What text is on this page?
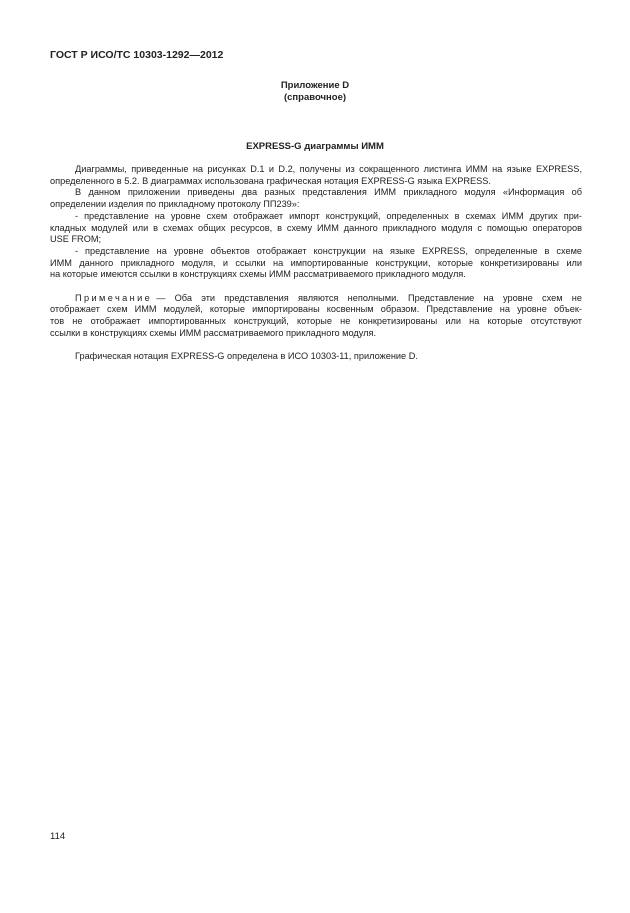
ГОСТ Р ИСО/ТС 10303-1292—2012
Приложение D
(справочное)
EXPRESS-G диаграммы ИММ
Диаграммы, приведенные на рисунках D.1 и D.2, получены из сокращенного листинга ИММ на языке EXPRESS,
определенного в 5.2. В диаграммах использована графическая нотация EXPRESS-G языка EXPRESS.
В данном приложении приведены два разных представления ИММ прикладного модуля «Информация об
определении изделия по прикладному протоколу ПП239»:
- представление на уровне схем отображает импорт конструкций, определенных в схемах ИММ других при-
кладных модулей или в схемах общих ресурсов, в схему ИММ данного прикладного модуля с помощью операторов
USE FROM;
- представление на уровне объектов отображает конструкции на языке EXPRESS, определенные в схеме
ИММ данного прикладного модуля, и ссылки на импортированные конструкции, которые конкретизированы или
на которые имеются ссылки в конструкциях схемы ИММ рассматриваемого прикладного модуля.
Примечание — Оба эти представления являются неполными. Представление на уровне схем не
отображает схем ИММ модулей, которые импортированы косвенным образом. Представление на уровне объек-
тов не отображает импортированных конструкций, которые не конкретизированы или на которые отсутствуют
ссылки в конструкциях схемы ИММ рассматриваемого прикладного модуля.
Графическая нотация EXPRESS-G определена в ИСО 10303-11, приложение D.
114
